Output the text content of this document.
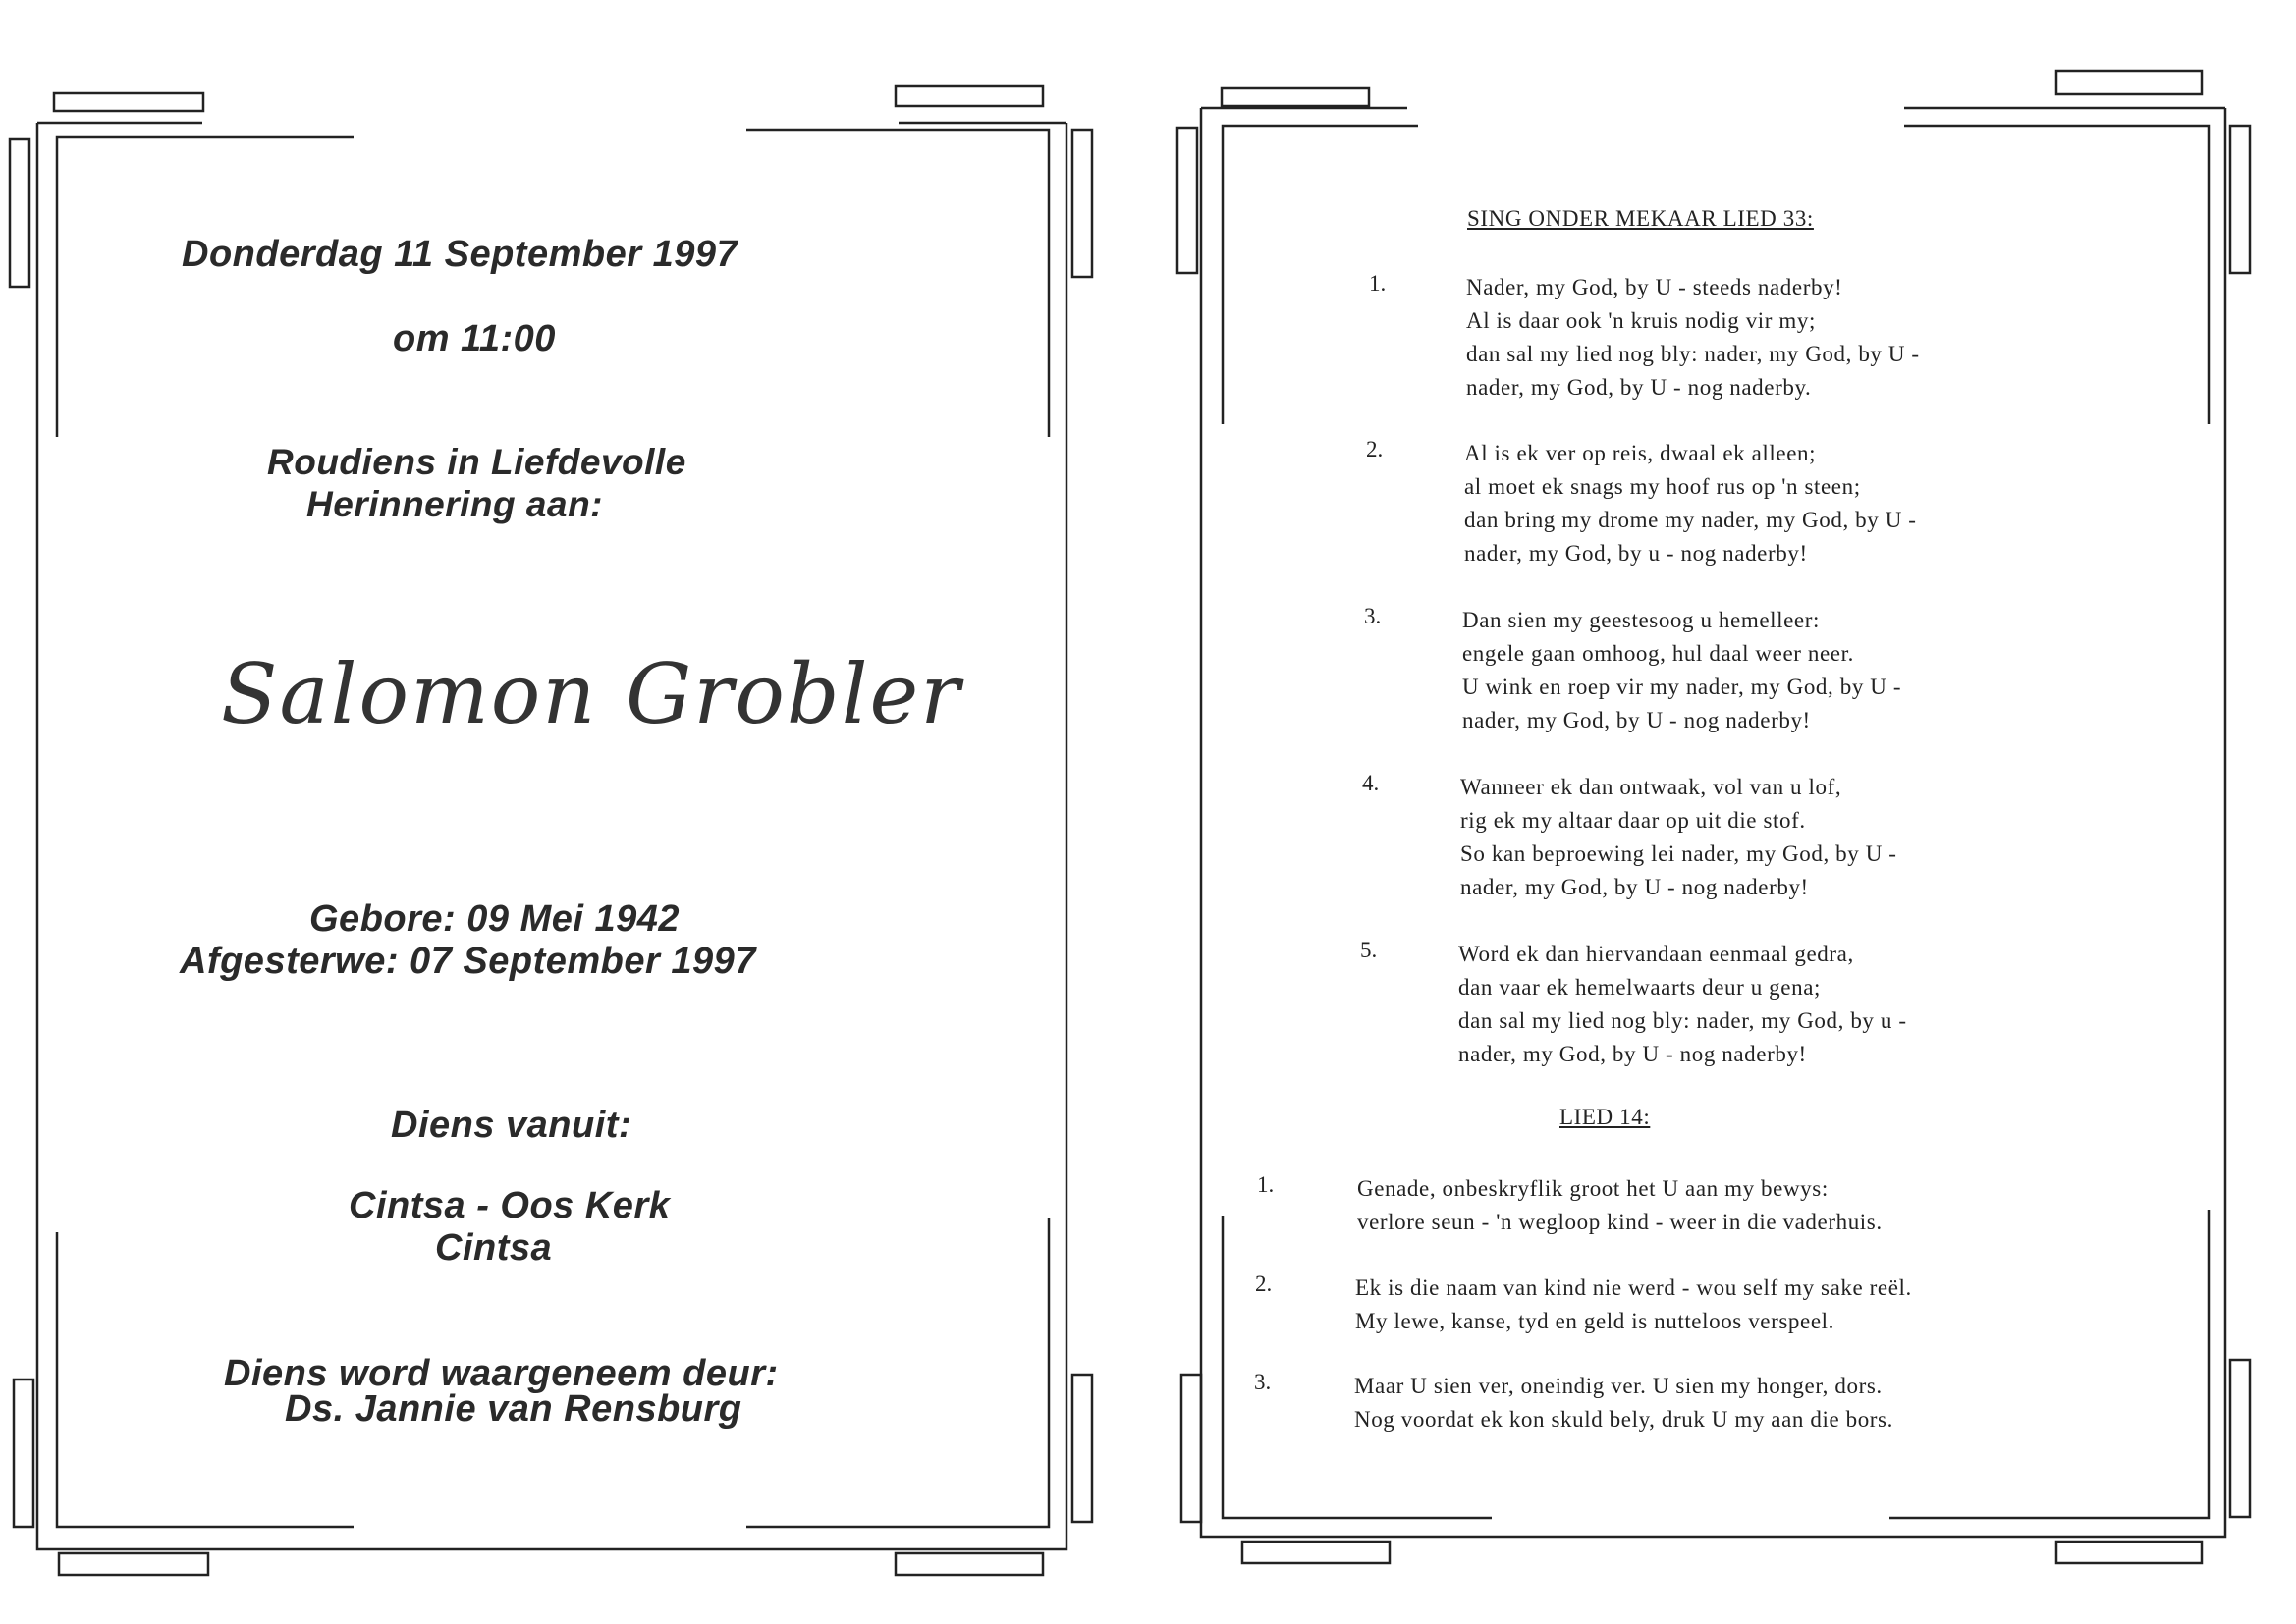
Donderdag 11 September 1997
om 11:00
Roudiens in Liefdevolle
Herinnering aan:
Salomon Grobler
Gebore: 09 Mei 1942
Afgesterwe: 07 September 1997
Diens vanuit:
Cintsa - Oos Kerk
Cintsa
Diens word waargeneem deur:
Ds. Jannie van Rensburg
SING ONDER MEKAAR LIED 33:
1.	Nader, my God, by U - steeds naderby!
Al is daar ook 'n kruis nodig vir my;
dan sal my lied nog bly: nader, my God, by U -
nader, my God, by U - nog naderby.
2.	Al is ek ver op reis, dwaal ek alleen;
al moet ek snags my hoof rus op 'n steen;
dan bring my drome my nader, my God, by U -
nader, my God, by u - nog naderby!
3.	Dan sien my geestesoog u hemelleer:
engele gaan omhoog, hul daal weer neer.
U wink en roep vir my nader, my God, by U -
nader, my God, by U - nog naderby!
4.	Wanneer ek dan ontwaak, vol van u lof,
rig ek my altaar daar op uit die stof.
So kan beproewing lei nader, my God, by U -
nader, my God, by U - nog naderby!
5.	Word ek dan hiervandaan eenmaal gedra,
dan vaar ek hemelwaarts deur u gena;
dan sal my lied nog bly: nader, my God, by u -
nader, my God, by U - nog naderby!
LIED 14:
1.	Genade, onbeskryflik groot het U aan my bewys:
verlore seun - 'n wegloop kind - weer in die vaderhuis.
2.	Ek is die naam van kind nie werd - wou self my sake reël.
My lewe, kanse, tyd en geld is nutteloos verspeel.
3.	Maar U sien ver, oneindig ver. U sien my honger, dors.
Nog voordat ek kon skuld bely, druk U my aan die bors.
